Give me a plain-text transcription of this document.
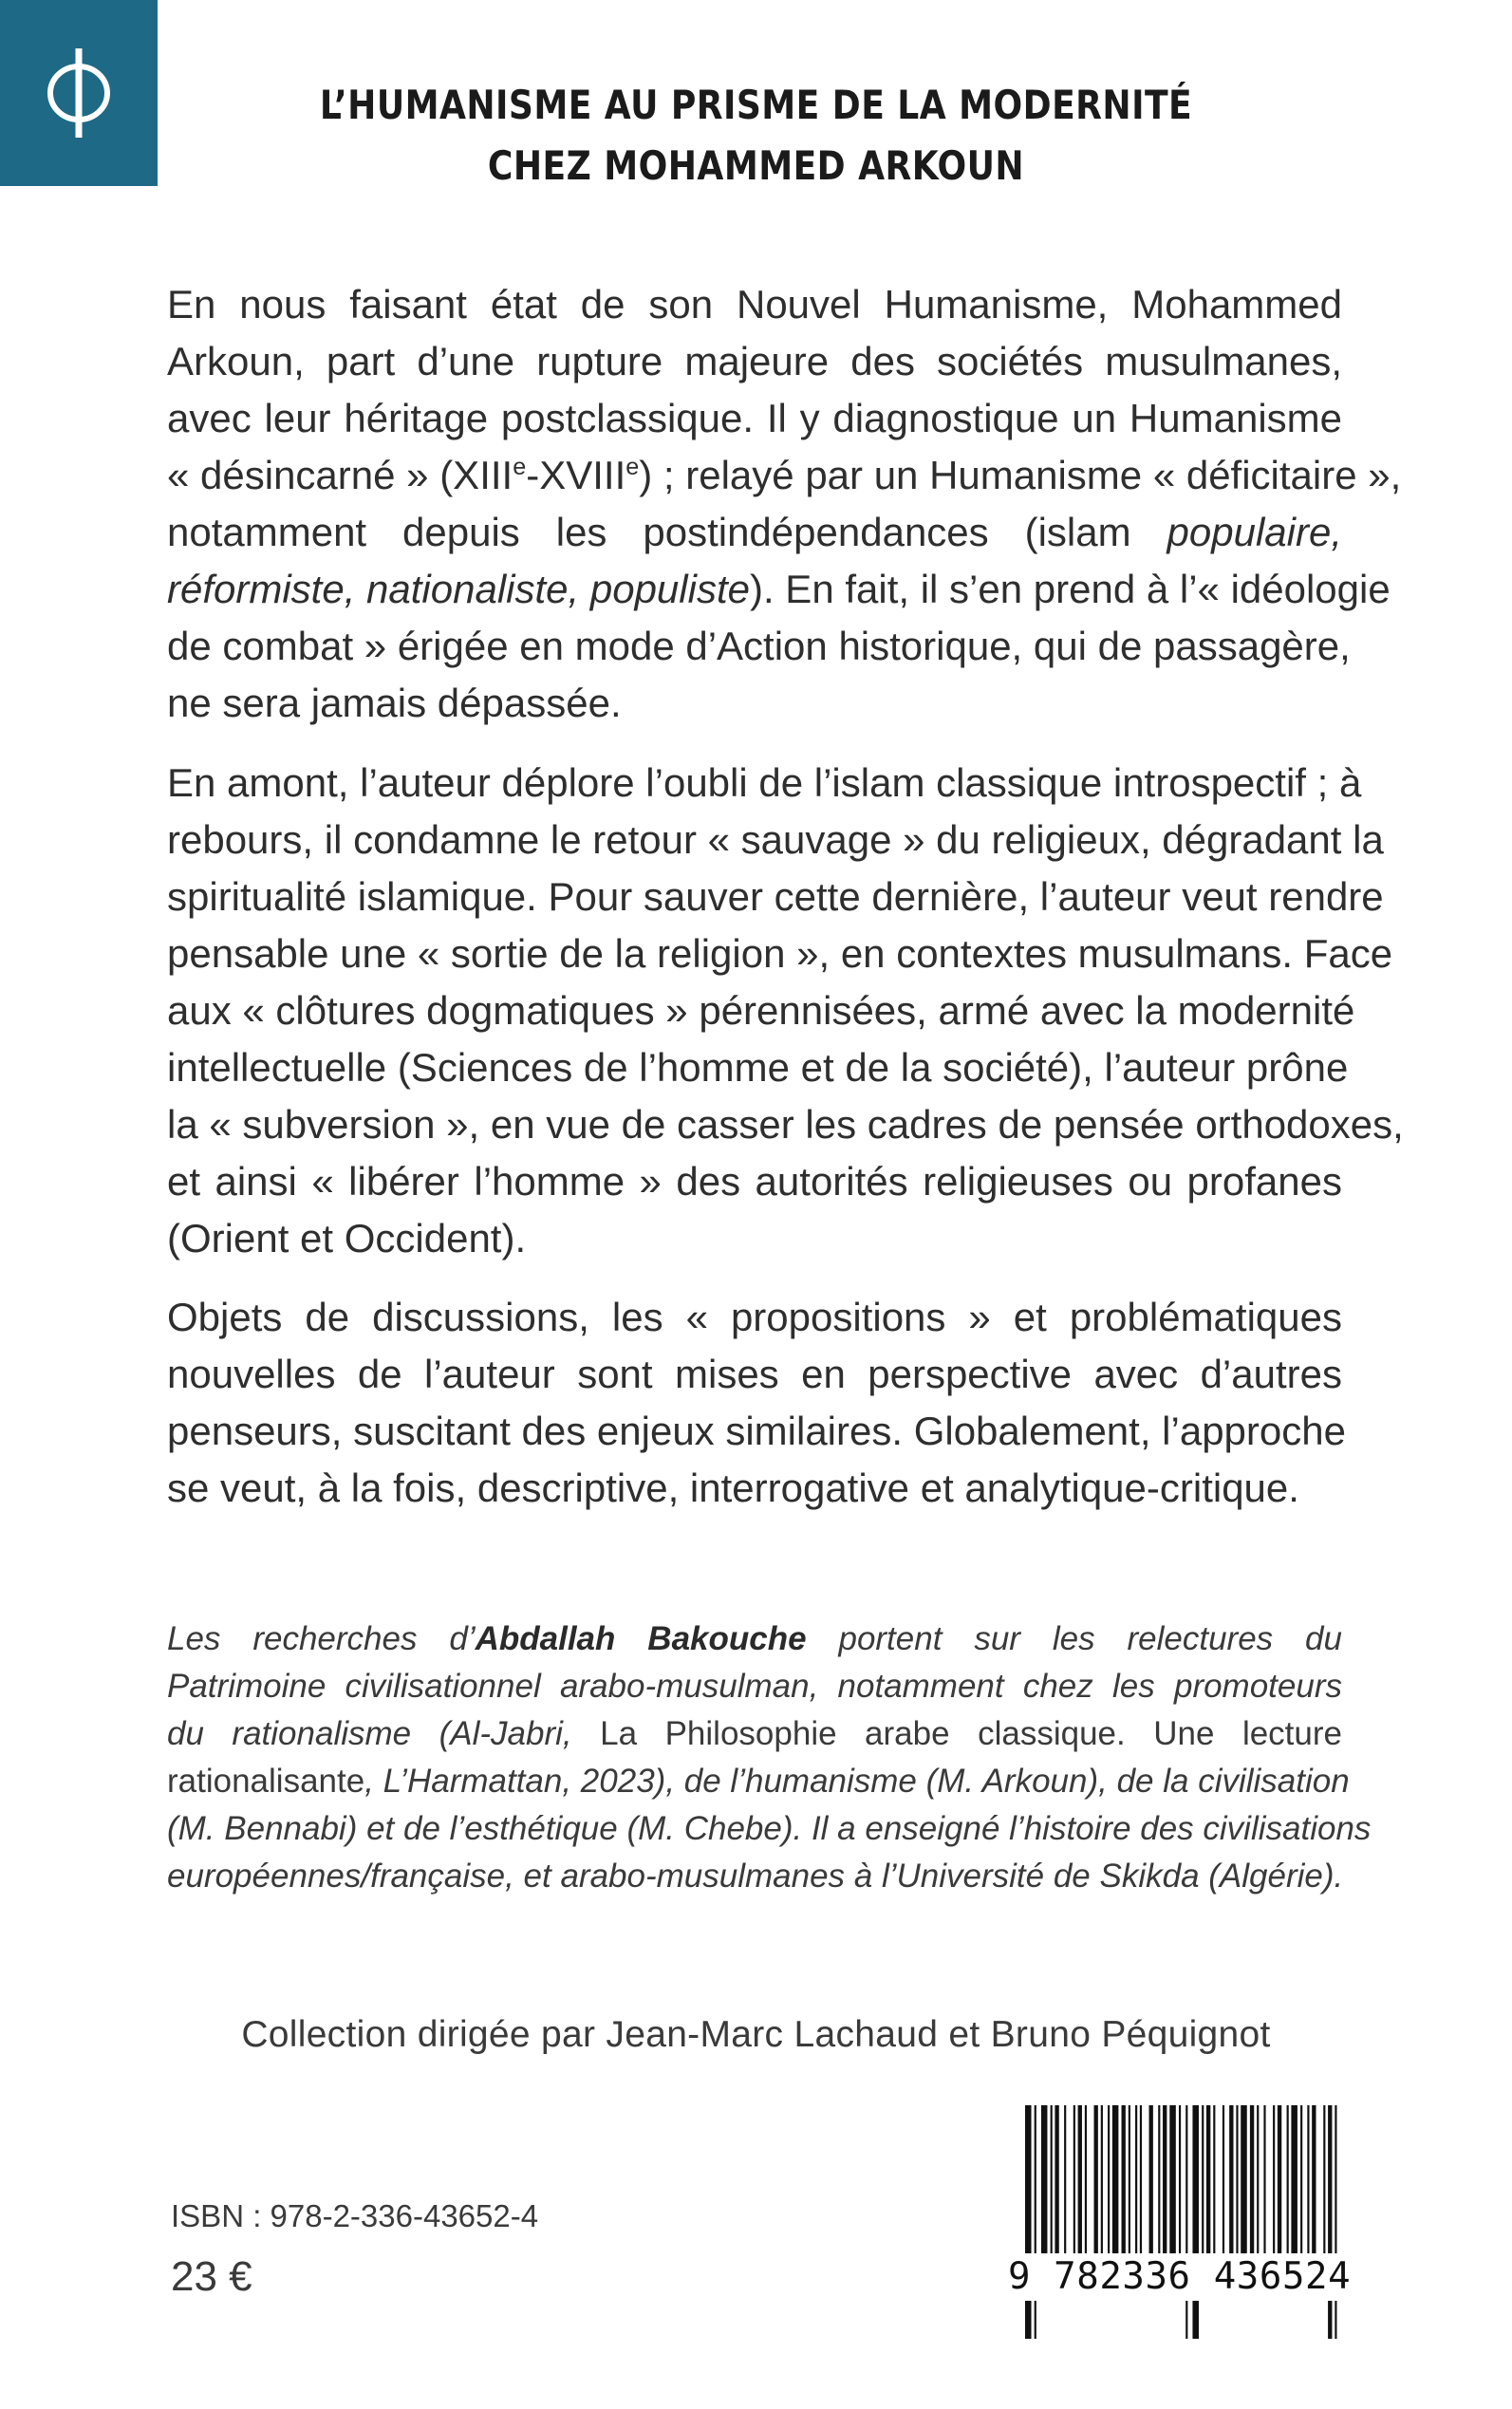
L’HUMANISME AU PRISME DE LA MODERNITÉ
CHEZ MOHAMMED ARKOUN
En nous faisant état de son Nouvel Humanisme, Mohammed
Arkoun, part d’une rupture majeure des sociétés musulmanes,
avec leur héritage postclassique. Il y diagnostique un Humanisme
« désincarné » (XIIIe-XVIIIe) ; relayé par un Humanisme « déficitaire »,
notamment depuis les postindépendances (islam populaire,
réformiste, nationaliste, populiste). En fait, il s’en prend à l’« idéologie
de combat » érigée en mode d’Action historique, qui de passagère,
ne sera jamais dépassée.
En amont, l’auteur déplore l’oubli de l’islam classique introspectif ; à
rebours, il condamne le retour « sauvage » du religieux, dégradant la
spiritualité islamique. Pour sauver cette dernière, l’auteur veut rendre
pensable une « sortie de la religion », en contextes musulmans. Face
aux « clôtures dogmatiques » pérennisées, armé avec la modernité
intellectuelle (Sciences de l’homme et de la société), l’auteur prône
la « subversion », en vue de casser les cadres de pensée orthodoxes,
et ainsi « libérer l’homme » des autorités religieuses ou profanes
(Orient et Occident).
Objets de discussions, les « propositions » et problématiques
nouvelles de l’auteur sont mises en perspective avec d’autres
penseurs, suscitant des enjeux similaires. Globalement, l’approche
se veut, à la fois, descriptive, interrogative et analytique-critique.
Les recherches d’Abdallah Bakouche portent sur les relectures du
Patrimoine civilisationnel arabo-musulman, notamment chez les promoteurs
du rationalisme (Al-Jabri, La Philosophie arabe classique. Une lecture
rationalisante, L’Harmattan, 2023), de l’humanisme (M. Arkoun), de la civilisation
(M. Bennabi) et de l’esthétique (M. Chebe). Il a enseigné l’histoire des civilisations
européennes/française, et arabo-musulmanes à l’Université de Skikda (Algérie).
Collection dirigée par Jean-Marc Lachaud et Bruno Péquignot
ISBN : 978-2-336-43652-4
23 €	9 782336 436524
